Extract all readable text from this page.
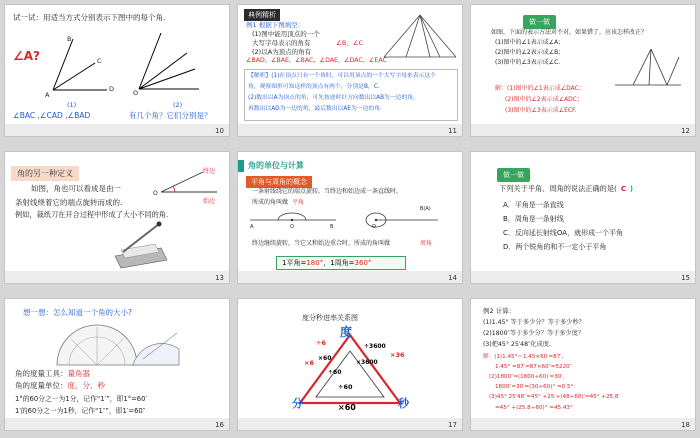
试一试：用适当方式分别表示下图中的每个角.
∠A?
B
C
D
A	O
(1)	(2)
∠BAC ,∠CAD ,∠BAD	有几个角？它们分别是？
10
典例精析
例1 根据下图填空：
(1)图中能用顶点的一个
大写字母表示的角有	∠B，∠C
(2)以A为顶点的角有
∠BAD，∠BAE，∠BAC，∠DAE，∠DAC，∠EAC
【解析】(1)在顶点只有一个角时，可以用顶点的一个大写字母来表示这个
角，观察图形可知这样的顶点有两个，分别是B，C.
(2)数出以A为顶点的角，可先按逆时针方向数出以AB为一边的角，
再数出以AD为一边的角，最后数出以AE为一边的角.
11
做一做
如图，下面的表示方法对不对，如果错了，应该怎样改正？
(1)图中的∠1表示成∠A；
(2)图中的∠2表示成∠B；
(3)图中的∠3表示成∠C.
解：(1)图中的∠1表示成∠DAC；
(2)图中的∠2表示成∠ADC；
(3)图中的∠3表示成∠ECF.
12
角的另一种定义
如图，角也可以看成是由一
条射线绕着它的端点旋转而成的.
例如，裁纸刀在开合过程中形成了大小不同的角.
终边
始边
O
13
角的单位与计算
平角与周角的概念
一条射线绕它的端点旋转，当终边和始边成一条直线时，
所成的角叫做 平角
A	O	B	O
B(A)
终边继续旋转，当它又和始边重合时，所成的角叫做	周角
1平角=180°，1周角=360°
14
做一做
下列关于平角、周角的说法正确的是( C )
A．平角是一条直线
B．周角是一条射线
C．反向延长射线OA，就形成一个平角
D．两个锐角的和不一定小于平角
15
想一想：怎么知道一个角的大小?
角的度量工具：量角器
角的度量单位：度、分、秒
1°的60分之一为1分，记作“1′”，即1°=60′
1′的60分之一为1秒，记作“1″”，即1′=60″
16
度分秒进率关系图
度
分	秒
×60
×3600
÷3600
×60
÷60
÷60
×36
÷6
×6
17
例2 计算：
(1)1.45° 等于多少分？等于多少秒？
(2)1800″等于多少分？等于多少度？
(3)把45° 25′48″化成度.
解：(1)1.45°＝1.45×60′=87′,
1.45° =87′=87×60″=5220″
(2)1800″=(1800÷60)′=30′,
1800″=30′=(30÷60)° =0.5°
(3)45° 25′48″=45° +25′+(48÷60)′=45° +25.8′
=45° +(25.8÷60)° =45.43°
18
